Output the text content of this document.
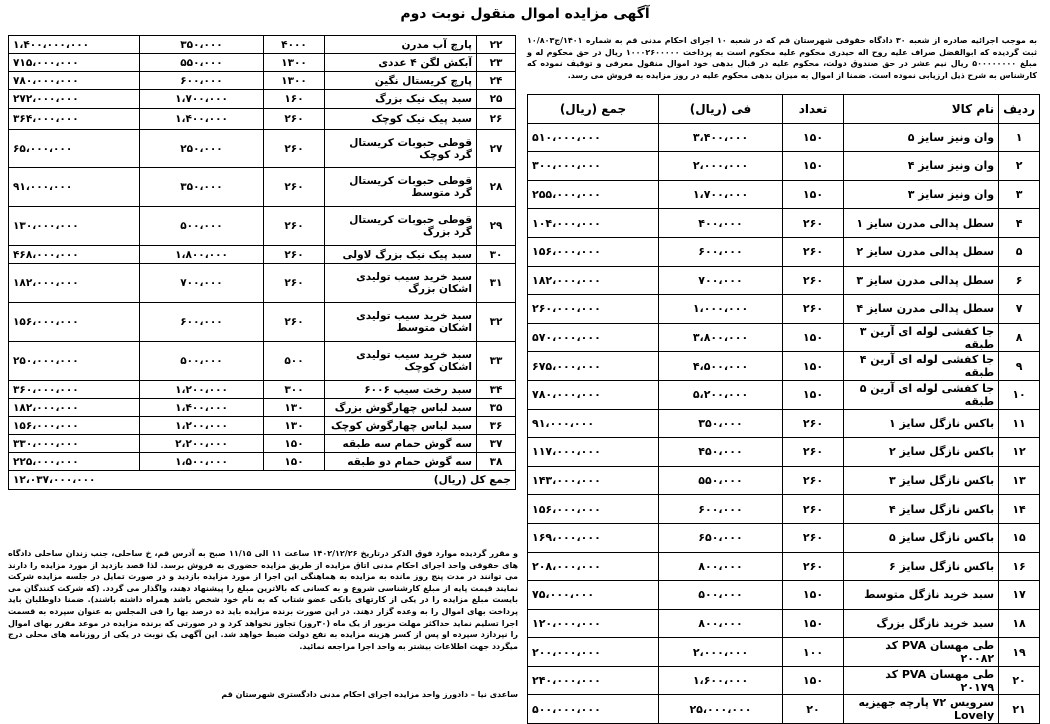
آگهی مزایده اموال منقول نوبت دوم
به موجب اجرائیه صادره از شعبه ۳۰ دادگاه حقوقی شهرستان قم که در شعبه ۱۰ اجرای احکام مدنی قم به شماره ۱۴۰۱/ج۱۰/۸۰۳ ثبت گردیده که ابوالفضل صراف علیه روح اله حیدری محکوم علیه محکوم است به پرداخت ۱۰۰۰۲۶۰۰۰۰۰ ریال در حق محکوم له و مبلغ ۵۰۰۰۰۰۰۰۰ ریال نیم عشر در حق صندوق دولت، محکوم علیه در قبال بدهی خود اموال منقول معرفی و توقیف نموده که کارشناس به شرح ذیل ارزیابی نموده است. ضمنا از اموال به میزان بدهی محکوم علیه در روز مزایده به فروش می رسد.
ردیف	نام کالا	تعداد	فی (ریال)	جمع (ریال)
۱	وان ونیز سایز ۵	۱۵۰	۳،۴۰۰،۰۰۰	۵۱۰،۰۰۰،۰۰۰
۲	وان ونیز سایز ۴	۱۵۰	۲،۰۰۰،۰۰۰	۳۰۰،۰۰۰،۰۰۰
۳	وان ونیز سایز ۳	۱۵۰	۱،۷۰۰،۰۰۰	۲۵۵،۰۰۰،۰۰۰
۴	سطل پدالی مدرن سایز ۱	۲۶۰	۴۰۰،۰۰۰	۱۰۴،۰۰۰،۰۰۰
۵	سطل پدالی مدرن سایز ۲	۲۶۰	۶۰۰،۰۰۰	۱۵۶،۰۰۰،۰۰۰
۶	سطل پدالی مدرن سایز ۳	۲۶۰	۷۰۰،۰۰۰	۱۸۲،۰۰۰،۰۰۰
۷	سطل پدالی مدرن سایز ۴	۲۶۰	۱،۰۰۰،۰۰۰	۲۶۰،۰۰۰،۰۰۰
۸	جا کفشی لوله ای آرین ۳ طبقه	۱۵۰	۳،۸۰۰،۰۰۰	۵۷۰،۰۰۰،۰۰۰
۹	جا کفشی لوله ای آرین ۴ طبقه	۱۵۰	۴،۵۰۰،۰۰۰	۶۷۵،۰۰۰،۰۰۰
۱۰	جا کفشی لوله ای آرین ۵ طبقه	۱۵۰	۵،۲۰۰،۰۰۰	۷۸۰،۰۰۰،۰۰۰
۱۱	باکس نازگل سایز ۱	۲۶۰	۳۵۰،۰۰۰	۹۱،۰۰۰،۰۰۰
۱۲	باکس نازگل سایز ۲	۲۶۰	۴۵۰،۰۰۰	۱۱۷،۰۰۰،۰۰۰
۱۳	باکس نازگل سایز ۳	۲۶۰	۵۵۰،۰۰۰	۱۴۳،۰۰۰،۰۰۰
۱۴	باکس نازگل سایز ۴	۲۶۰	۶۰۰،۰۰۰	۱۵۶،۰۰۰،۰۰۰
۱۵	باکس نازگل سایز ۵	۲۶۰	۶۵۰،۰۰۰	۱۶۹،۰۰۰،۰۰۰
۱۶	باکس نازگل سایز ۶	۲۶۰	۸۰۰،۰۰۰	۲۰۸،۰۰۰،۰۰۰
۱۷	سبد خرید نازگل متوسط	۱۵۰	۵۰۰،۰۰۰	۷۵،۰۰۰،۰۰۰
۱۸	سبد خرید نازگل بزرگ	۱۵۰	۸۰۰،۰۰۰	۱۲۰،۰۰۰،۰۰۰
۱۹	طی مهسان PVA کد ۲۰۰۸۲	۱۰۰	۲،۰۰۰،۰۰۰	۲۰۰،۰۰۰،۰۰۰
۲۰	طی مهسان PVA کد ۲۰۱۷۹	۱۵۰	۱،۶۰۰،۰۰۰	۲۴۰،۰۰۰،۰۰۰
۲۱	سرویس ۷۲ پارچه جهیزیه Lovely	۲۰	۲۵،۰۰۰،۰۰۰	۵۰۰،۰۰۰،۰۰۰
۲۲	پارچ آب مدرن	۴۰۰۰	۳۵۰،۰۰۰	۱،۴۰۰،۰۰۰،۰۰۰
۲۳	آبکش لگن ۴ عددی	۱۳۰۰	۵۵۰،۰۰۰	۷۱۵،۰۰۰،۰۰۰
۲۴	پارچ کریستال نگین	۱۳۰۰	۶۰۰،۰۰۰	۷۸۰،۰۰۰،۰۰۰
۲۵	سبد پیک نیک بزرگ	۱۶۰	۱،۷۰۰،۰۰۰	۲۷۲،۰۰۰،۰۰۰
۲۶	سبد پیک نیک کوچک	۲۶۰	۱،۴۰۰،۰۰۰	۳۶۴،۰۰۰،۰۰۰
۲۷	قوطی حبوبات کریستال گرد کوچک	۲۶۰	۲۵۰،۰۰۰	۶۵،۰۰۰،۰۰۰
۲۸	قوطی حبوبات کریستال گرد متوسط	۲۶۰	۳۵۰،۰۰۰	۹۱،۰۰۰،۰۰۰
۲۹	قوطی حبوبات کریستال گرد بزرگ	۲۶۰	۵۰۰،۰۰۰	۱۳۰،۰۰۰،۰۰۰
۳۰	سبد پیک نیک بزرگ لاولی	۲۶۰	۱،۸۰۰،۰۰۰	۴۶۸،۰۰۰،۰۰۰
۳۱	سبد خرید سیب تولیدی اشکان بزرگ	۲۶۰	۷۰۰،۰۰۰	۱۸۲،۰۰۰،۰۰۰
۳۲	سبد خرید سیب تولیدی اشکان متوسط	۲۶۰	۶۰۰،۰۰۰	۱۵۶،۰۰۰،۰۰۰
۳۳	سبد خرید سیب تولیدی اشکان کوچک	۵۰۰	۵۰۰،۰۰۰	۲۵۰،۰۰۰،۰۰۰
۳۴	سبد رخت سیب ۶۰۰۶	۳۰۰	۱،۲۰۰،۰۰۰	۳۶۰،۰۰۰،۰۰۰
۳۵	سبد لباس چهارگوش بزرگ	۱۳۰	۱،۴۰۰،۰۰۰	۱۸۲،۰۰۰،۰۰۰
۳۶	سبد لباس چهارگوش کوچک	۱۳۰	۱،۲۰۰،۰۰۰	۱۵۶،۰۰۰،۰۰۰
۳۷	سه گوش حمام سه طبقه	۱۵۰	۲،۲۰۰،۰۰۰	۳۳۰،۰۰۰،۰۰۰
۳۸	سه گوش حمام دو طبقه	۱۵۰	۱،۵۰۰،۰۰۰	۲۲۵،۰۰۰،۰۰۰
جمع کل (ریال)			۱۲،۰۳۷،۰۰۰،۰۰۰	
و مقرر گردیده موارد فوق الذکر درتاریخ ۱۴۰۲/۱۲/۲۶ ساعت ۱۱ الی ۱۱/۱۵ صبح به آدرس قم، خ ساحلی، جنب زندان ساحلی دادگاه های حقوقی واحد اجرای احکام مدنی اتاق مزایده از طریق مزایده حضوری به فروش برسد. لذا قصد بازدید از مورد مزایده را دارند می توانند در مدت پنج روز مانده به مزایده به هماهنگی این اجرا از مورد مزایده بازدید و در صورت تمایل در جلسه مزایده شرکت نمایند قیمت پایه از مبلغ کارشناسی شروع و به کسانی که بالاترین مبلغ را پیشنهاد دهند، واگذار می گردد. (که شرکت کنندگان می بایست مبلغ مزایده را در یکی از کارتهای بانکی عضو شتاب که به نام خود شخص باشد همراه داشته باشند). ضمنا داوطلبان باید پرداخت بهای اموال را به وعده گزار دهند. در این صورت برنده مزایده باید ده درصد بها را فی المجلس به عنوان سپرده به قسمت اجرا تسلیم نماید حداکثر مهلت مزبور از یک ماه (۳۰روز) تجاوز نخواهد کرد و در صورتی که برنده مزایده در موعد مقرر بهای اموال را نپردازد سپرده او پس از کسر هزینه مزایده به نفع دولت ضبط خواهد شد. این آگهی یک نوبت در یکی از روزنامه های محلی درج میگردد جهت اطلاعات بیشتر به واحد اجرا مراجعه نمائید.
ساعدی نیا – دادورز واحد مزایده اجرای احکام مدنی دادگستری شهرستان قم
